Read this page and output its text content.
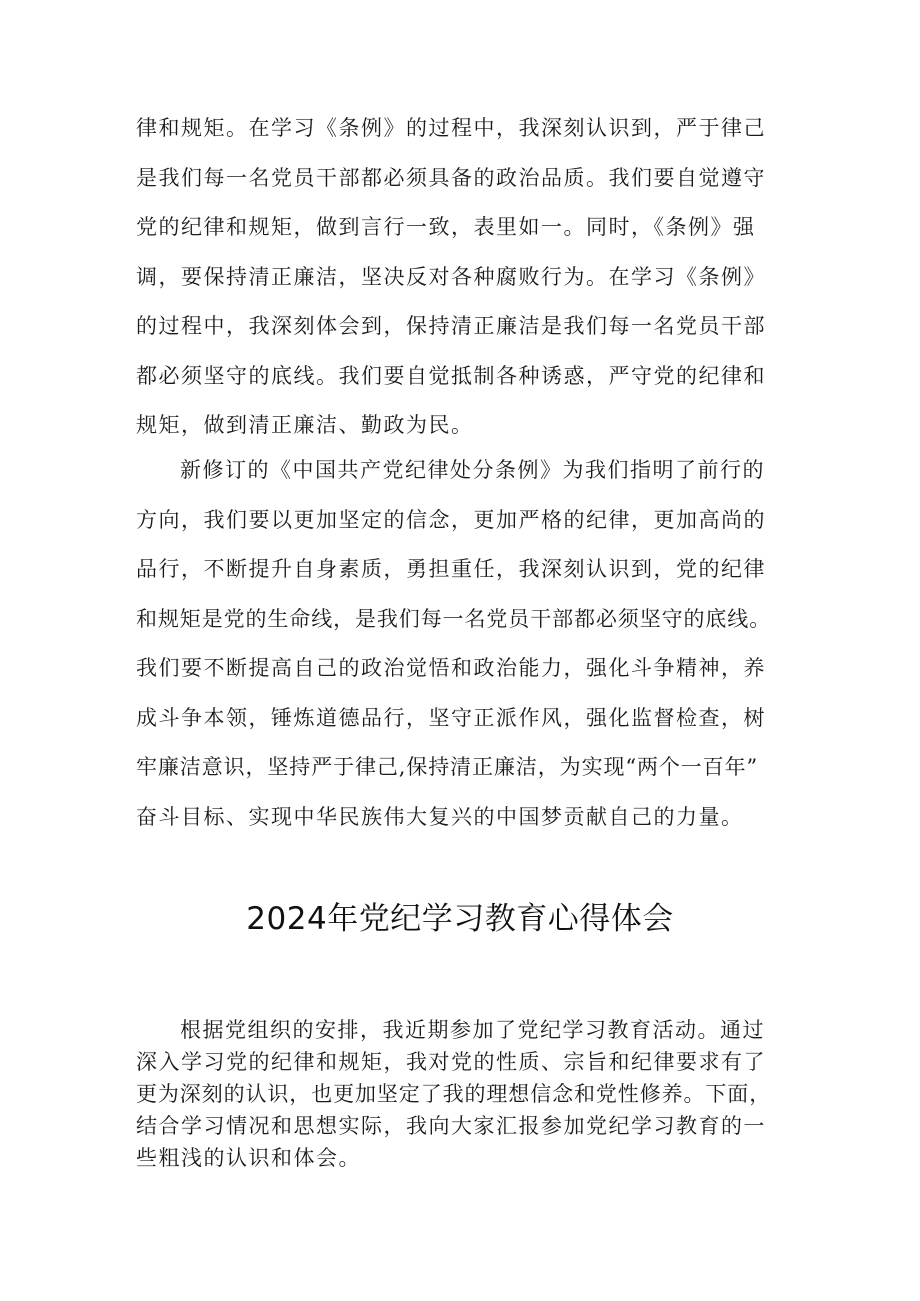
律和规矩。在学习《条例》的过程中，我深刻认识到，严于律己
是我们每一名党员干部都必须具备的政治品质。我们要自觉遵守
党的纪律和规矩，做到言行一致，表里如一。同时，《条例》强
调，要保持清正廉洁，坚决反对各种腐败行为。在学习《条例》
的过程中，我深刻体会到，保持清正廉洁是我们每一名党员干部
都必须坚守的底线。我们要自觉抵制各种诱惑，严守党的纪律和
规矩，做到清正廉洁、勤政为民。
新修订的《中国共产党纪律处分条例》为我们指明了前行的
方向，我们要以更加坚定的信念，更加严格的纪律，更加高尚的
品行，不断提升自身素质，勇担重任，我深刻认识到，党的纪律
和规矩是党的生命线，是我们每一名党员干部都必须坚守的底线。
我们要不断提高自己的政治觉悟和政治能力，强化斗争精神，养
成斗争本领，锤炼道德品行，坚守正派作风，强化监督检查，树
牢廉洁意识，坚持严于律己,保持清正廉洁，为实现“两个一百年”
奋斗目标、实现中华民族伟大复兴的中国梦贡献自己的力量。
2024年党纪学习教育心得体会
根据党组织的安排，我近期参加了党纪学习教育活动。通过
深入学习党的纪律和规矩，我对党的性质、宗旨和纪律要求有了
更为深刻的认识，也更加坚定了我的理想信念和党性修养。下面，
结合学习情况和思想实际，我向大家汇报参加党纪学习教育的一
些粗浅的认识和体会。
